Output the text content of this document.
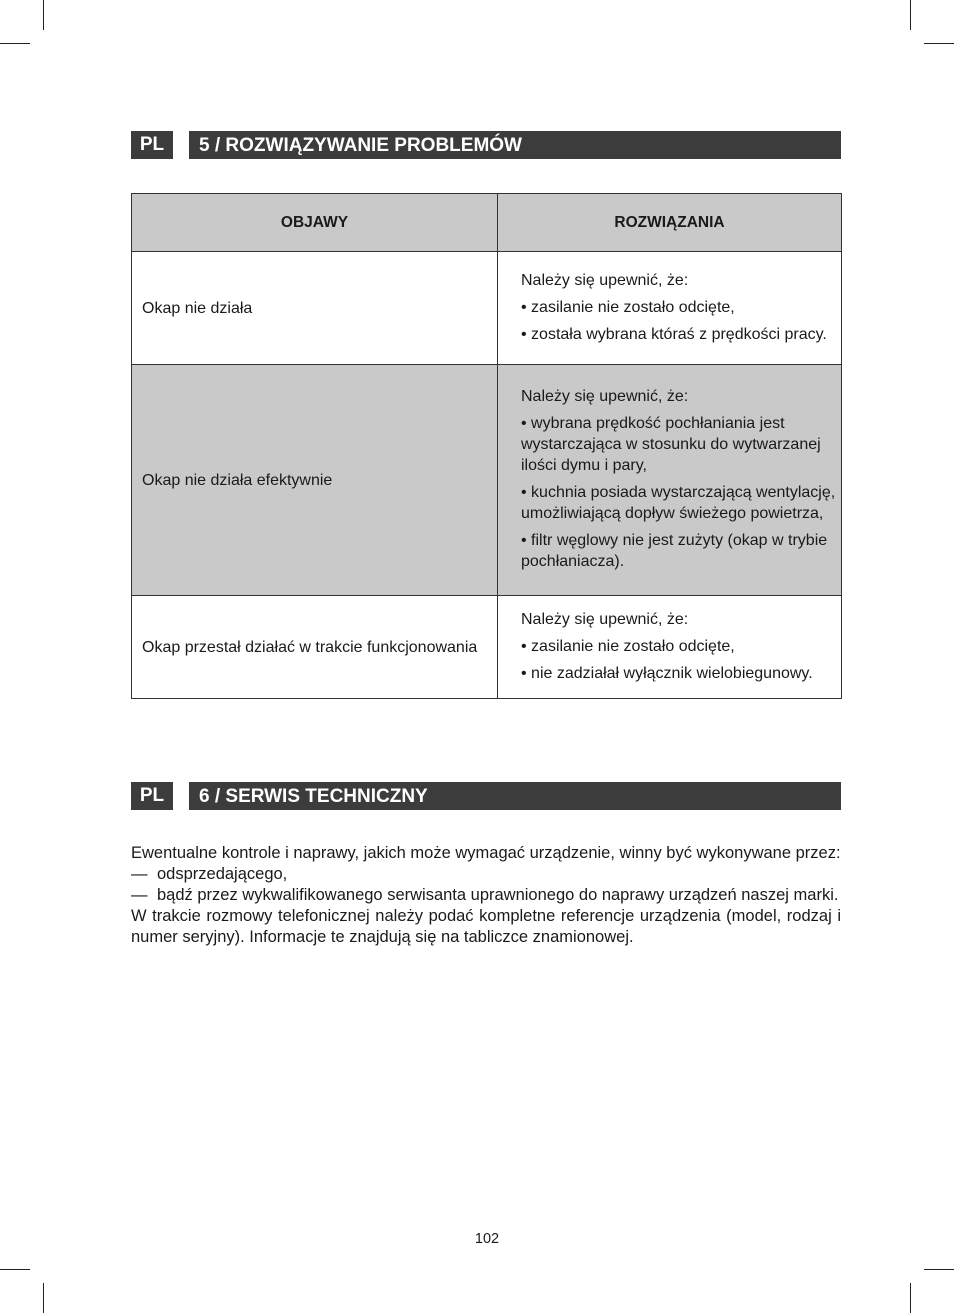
PL	5 / ROZWIĄZYWANIE PROBLEMÓW
OBJAWY	ROZWIĄZANIA
Okap nie działa	Należy się upewnić, że:
• zasilanie nie zostało odcięte,
• została wybrana któraś z prędkości pracy.

Okap nie działa efektywnie	Należy się upewnić, że:
• wybrana prędkość pochłaniania jest wystarczająca w stosunku do wytwarzanej ilości dymu i pary,
• kuchnia posiada wystarczającą wentylację, umożliwiającą dopływ świeżego powietrza,
• filtr węglowy nie jest zużyty (okap w trybie pochłaniacza).

Okap przestał działać w trakcie funkcjonowania	Należy się upewnić, że:
• zasilanie nie zostało odcięte,
• nie zadziałał wyłącznik wielobiegunowy.
PL	6 / SERWIS TECHNICZNY

Ewentualne kontrole i naprawy, jakich może wymagać urządzenie, winny być wykonywane przez:

— odsprzedającego,

— bądź przez wykwalifikowanego serwisanta uprawnionego do naprawy urządzeń naszej marki.

W trakcie rozmowy telefonicznej należy podać kompletne referencje urządzenia (model, rodzaj i numer seryjny). Informacje te znajdują się na tabliczce znamionowej.

102
